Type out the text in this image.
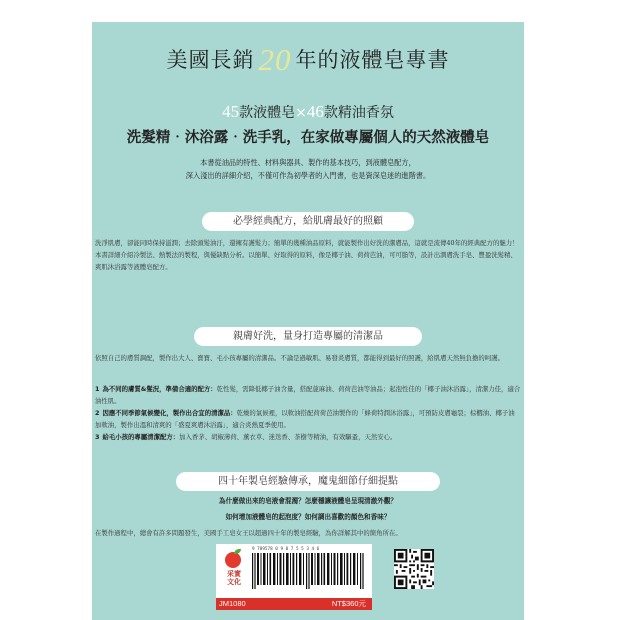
美國長銷 20 年的液體皂專書
45款液體皂×46款精油香氛
洗髮精‧沐浴露‧洗手乳，在家做專屬個人的天然液體皂
本書從油品的特性、材料與器具、製作的基本技巧，到液體皂配方，
深入淺出的詳細介紹，不僅可作為初學者的入門書，也是資深皂迷的進階書。
必學經典配方，給肌膚最好的照顧

洗淨肌膚，卻能同時保持滋潤；去除頭髮油汙，還擁有護髮力；簡單的幾種油品原料，就能製作出好洗的潔膚品，這就是流傳40年的經典配方的魅力！本書詳細介紹冷製法、熱製法的製程，與優缺點分析。以簡單、好取得的原料，像是椰子油、荷荷芭油，可可脂等，設計出潤膚洗手皂、豐盈洗髮精、爽肌沐浴露等液體皂配方。

親膚好洗，量身打造專屬的清潔品

依照自己的膚質調配，製作出大人、寶寶、毛小孩專屬的清潔品。不論是過敏肌、易發炎膚質，都能得到最好的照護，給肌膚天然無負擔的呵護。

1 為不同的膚質&髮況，準備合適的配方：乾性髮，需降低椰子油含量，搭配蓖麻油、荷荷芭油等油品；起泡性佳的「椰子油沐浴露」，清潔力佳，適合油性肌。

2 因應不同季節氣候變化，製作出合宜的清潔品：乾燥的氣候裡，以軟油搭配荷荷芭油製作的「蜂荷特潤沐浴露」，可預防皮膚龜裂；棕櫚油、椰子油加軟油，製作出溫和清爽的「盛夏爽膚沐浴露」，適合炎熱夏季使用。

3 給毛小孩的專屬清潔配方：加入香茅、胡椒薄荷、薰衣草、迷迭香、茶樹等精油，有效驅蚤，天然安心。

四十年製皂經驗傳承，魔鬼細節仔細提點
為什麼做出來的皂液會混濁？怎麼穩讓液體皂呈現清澈外觀？
如何增加液體皂的起泡度？如何調出喜歡的顏色和香味？
在製作過程中，總會有許多問題發生，美國手工皂女王以超過四十年的製皂經驗，為你詳解其中的箇角所在。
采實
文化
9 789578 0 9 0 7 5 5 3 4 6
JM1080	NT$360元
